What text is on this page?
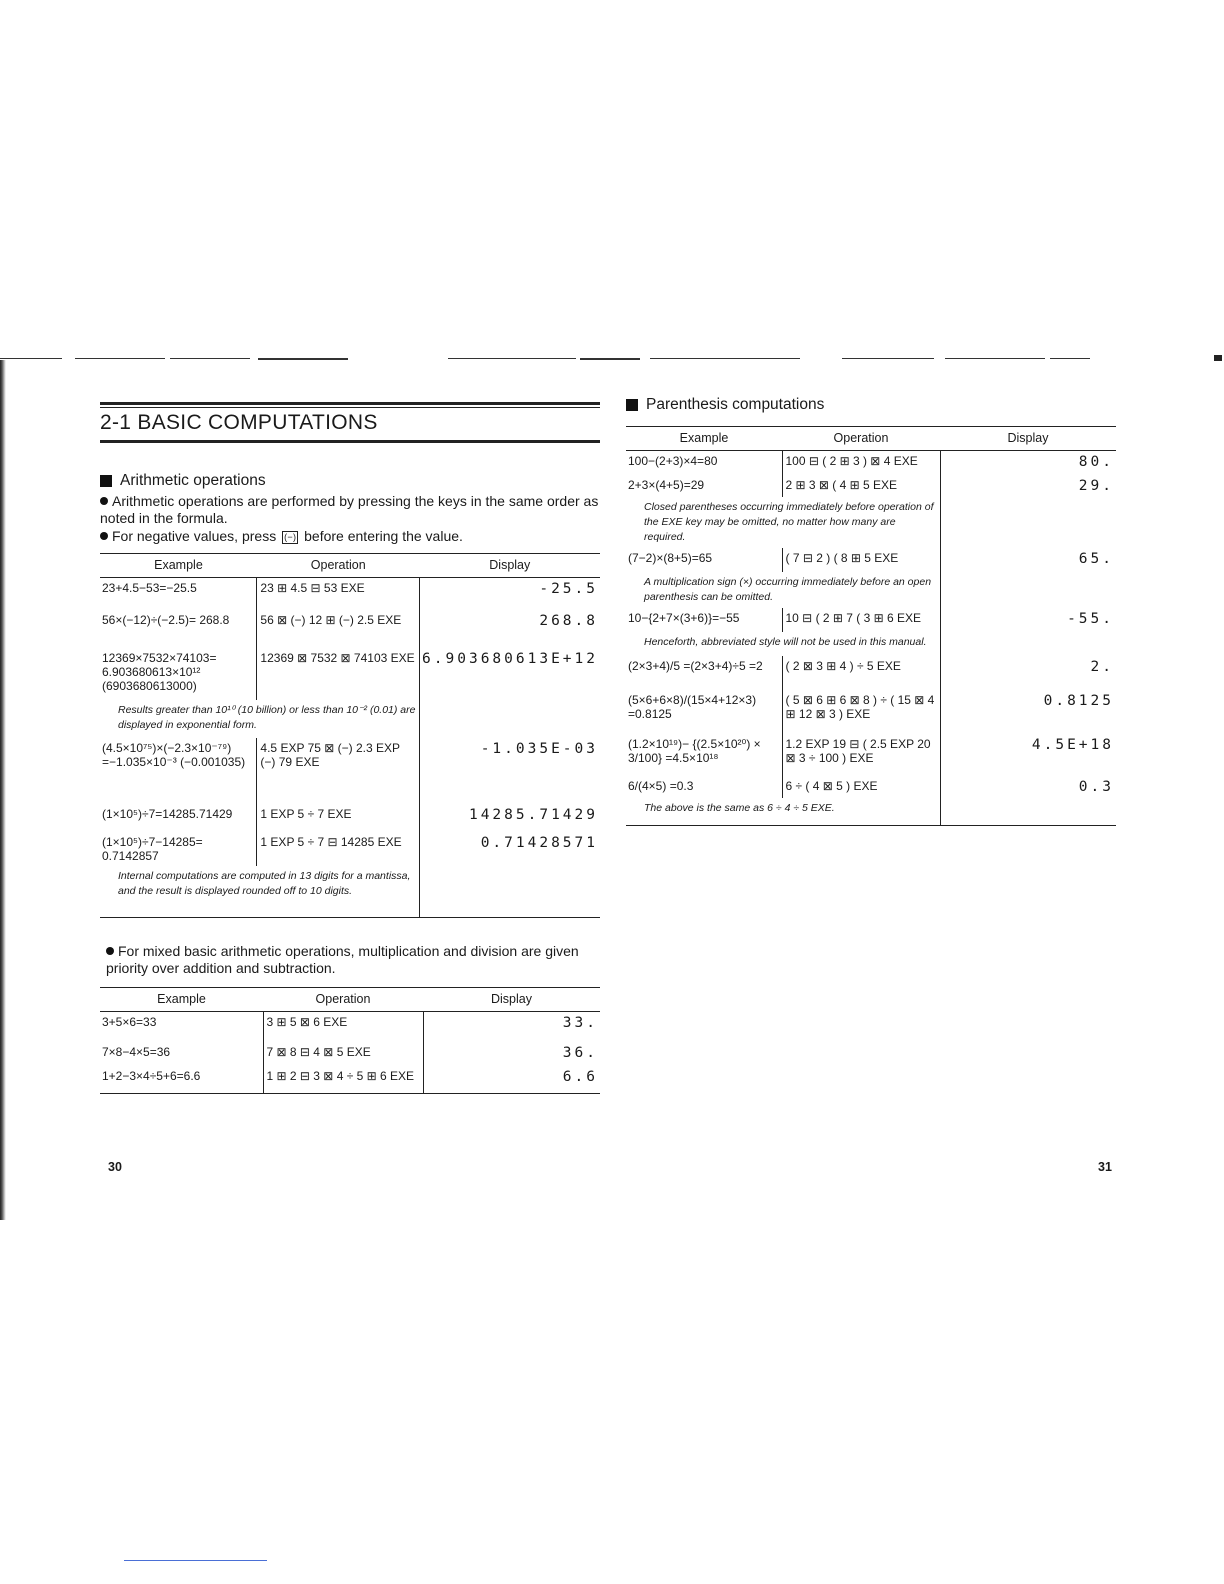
2-1 BASIC COMPUTATIONS
Arithmetic operations
Arithmetic operations are performed by pressing the keys in the same order as noted in the formula.
For negative values, press (−) before entering the value.
Example	Operation	Display
23+4.5−53=−25.5	23 ⊞ 4.5 ⊟ 53 EXE	-25.5
56×(−12)÷(−2.5)= 268.8	56 ⊠ (−) 12 ⊞ (−) 2.5 EXE	268.8
12369×7532×74103= 6.903680613×10¹² (6903680613000)	12369 ⊠ 7532 ⊠ 74103 EXE	6.903680613E+12
Results greater than 10¹⁰ (10 billion) or less than 10⁻² (0.01) are displayed in exponential form.		
(4.5×10⁷⁵)×(−2.3×10⁻⁷⁹) =−1.035×10⁻³ (−0.001035)	4.5 EXP 75 ⊠ (−) 2.3 EXP (−) 79 EXE	-1.035E-03
(1×10⁵)÷7=14285.71429	1 EXP 5 ÷ 7 EXE	14285.71429
(1×10⁵)÷7−14285= 0.7142857	1 EXP 5 ÷ 7 ⊟ 14285 EXE	0.71428571
Internal computations are computed in 13 digits for a mantissa, and the result is displayed rounded off to 10 digits.		
For mixed basic arithmetic operations, multiplication and division are given priority over addition and subtraction.
Example	Operation	Display
3+5×6=33	3 ⊞ 5 ⊠ 6 EXE	33.
7×8−4×5=36	7 ⊠ 8 ⊟ 4 ⊠ 5 EXE	36.
1+2−3×4÷5+6=6.6	1 ⊞ 2 ⊟ 3 ⊠ 4 ÷ 5 ⊞ 6 EXE	6.6
30
Parenthesis computations
Example	Operation	Display
100−(2+3)×4=80	100 ⊟ ( 2 ⊞ 3 ) ⊠ 4 EXE	80.
2+3×(4+5)=29	2 ⊞ 3 ⊠ ( 4 ⊞ 5 EXE	29.
Closed parentheses occurring immediately before operation of the EXE key may be omitted, no matter how many are required.		
(7−2)×(8+5)=65	( 7 ⊟ 2 ) ( 8 ⊞ 5 EXE	65.
A multiplication sign (×) occurring immediately before an open parenthesis can be omitted.		
10−{2+7×(3+6)}=−55	10 ⊟ ( 2 ⊞ 7 ( 3 ⊞ 6 EXE	-55.
Henceforth, abbreviated style will not be used in this manual.		
(2×3+4)/5 =(2×3+4)÷5 =2	( 2 ⊠ 3 ⊞ 4 ) ÷ 5 EXE	2.
(5×6+6×8)/(15×4+12×3) =0.8125	( 5 ⊠ 6 ⊞ 6 ⊠ 8 ) ÷ ( 15 ⊠ 4 ⊞ 12 ⊠ 3 ) EXE	0.8125
(1.2×10¹⁹)− {(2.5×10²⁰) × 3/100} =4.5×10¹⁸	1.2 EXP 19 ⊟ ( 2.5 EXP 20 ⊠ 3 ÷ 100 ) EXE	4.5E+18
6/(4×5) =0.3	6 ÷ ( 4 ⊠ 5 ) EXE	0.3
The above is the same as 6 ÷ 4 ÷ 5 EXE.		
31
